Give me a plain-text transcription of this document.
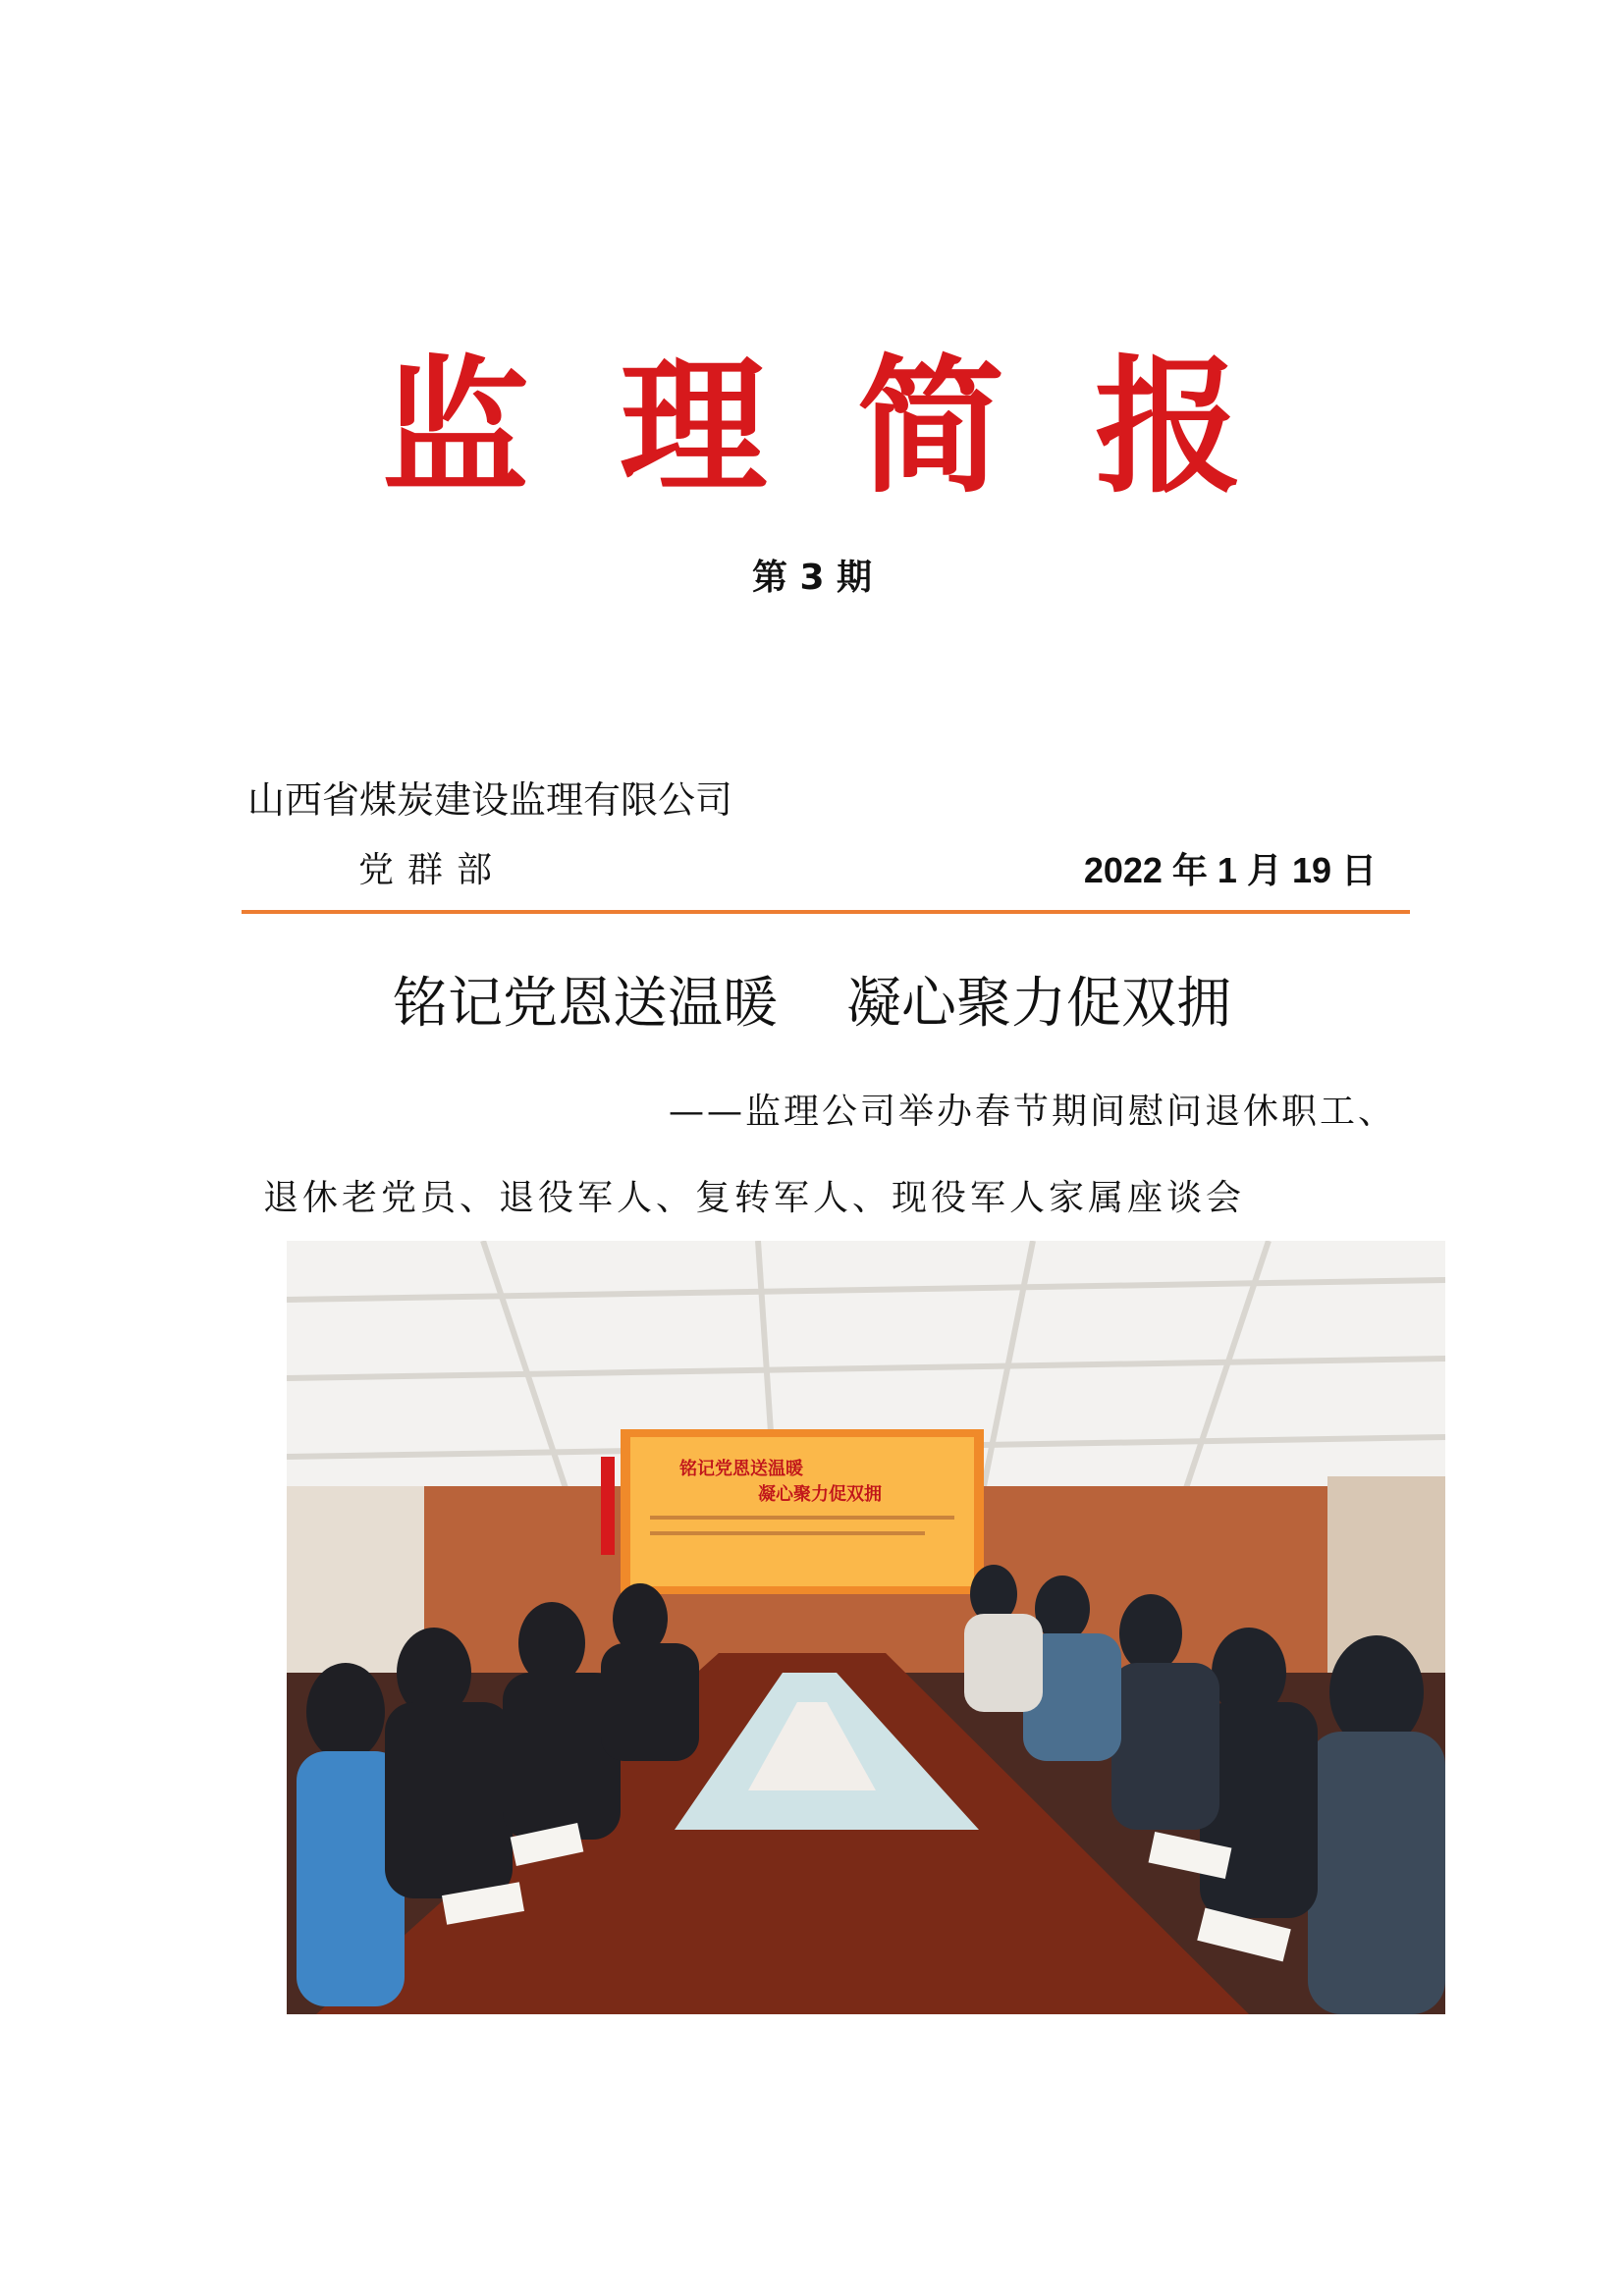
监理简报
第 3 期
山西省煤炭建设监理有限公司
党群部	2022 年 1 月 19 日
铭记党恩送温暖 凝心聚力促双拥
——监理公司举办春节期间慰问退休职工、
退休老党员、退役军人、复转军人、现役军人家属座谈会
铭记党恩送温暖
凝心聚力促双拥
